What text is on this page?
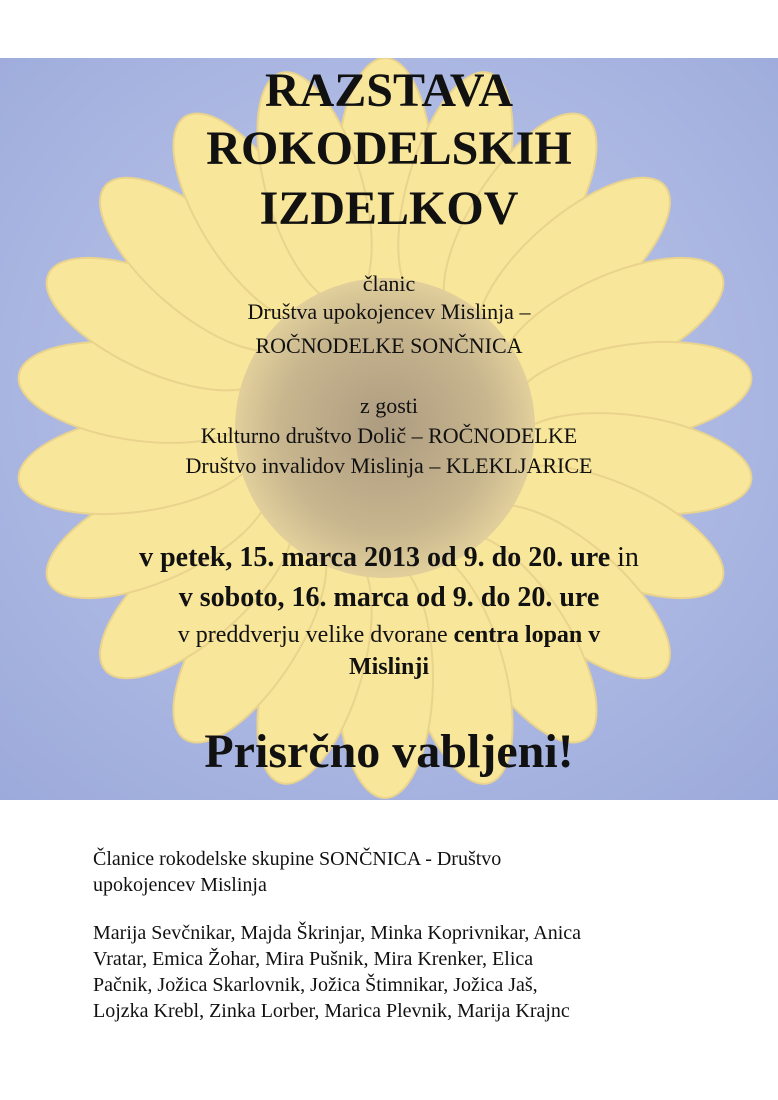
RAZSTAVA
ROKODELSKIH
IZDELKOV
članic
Društva upokojencev Mislinja –
ROČNODELKE SONČNICA
z gosti
Kulturno društvo Dolič – ROČNODELKE
Društvo invalidov Mislinja – KLEKLJARICE
v petek, 15. marca 2013 od 9. do 20. ure in
v soboto, 16. marca od 9. do 20. ure
v preddverju velike dvorane centra lopan v
Mislinji
Prisrčno vabljeni!
Članice rokodelske skupine SONČNICA - Društvo
upokojencev Mislinja
Marija Sevčnikar, Majda Škrinjar, Minka Koprivnikar, Anica
Vratar, Emica Žohar, Mira Pušnik, Mira Krenker, Elica
Pačnik, Jožica Skarlovnik, Jožica Štimnikar, Jožica Jaš,
Lojzka Krebl, Zinka Lorber, Marica Plevnik, Marija Krajnc
